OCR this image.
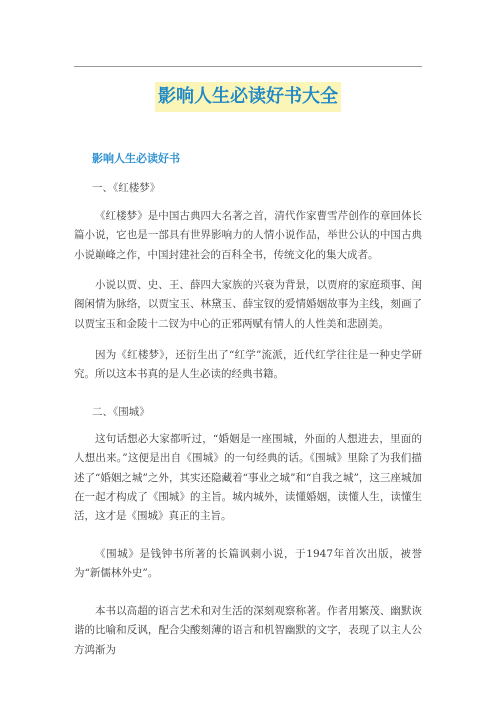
影响人生必读好书大全
影响人生必读好书
一、《红楼梦》

《红楼梦》是中国古典四大名著之首，清代作家曹雪芹创作的章回体长篇小说，它也是一部具有世界影响力的人情小说作品，举世公认的中国古典小说巅峰之作，中国封建社会的百科全书，传统文化的集大成者。

小说以贾、史、王、薛四大家族的兴衰为背景，以贾府的家庭琐事、闺阁闲情为脉络，以贾宝玉、林黛玉、薛宝钗的爱情婚姻故事为主线，刻画了以贾宝玉和金陵十二钗为中心的正邪两赋有情人的人性美和悲剧美。

因为《红楼梦》，还衍生出了“红学”流派，近代红学往往是一种史学研究。所以这本书真的是人生必读的经典书籍。

二、《围城》

这句话想必大家都听过，“婚姻是一座围城，外面的人想进去，里面的人想出来。”这便是出自《围城》的一句经典的话。《围城》里除了为我们描述了“婚姻之城”之外，其实还隐藏着“事业之城”和“自我之城”，这三座城加在一起才构成了《围城》的主旨。城内城外，读懂婚姻，读懂人生，读懂生活，这才是《围城》真正的主旨。

《围城》是钱钟书所著的长篇讽刺小说，于1947年首次出版，被誉为“新儒林外史”。

本书以高超的语言艺术和对生活的深刻观察称著。作者用繁茂、幽默诙谐的比喻和反讽，配合尖酸刻薄的语言和机智幽默的文字，表现了以主人公方鸿渐为
